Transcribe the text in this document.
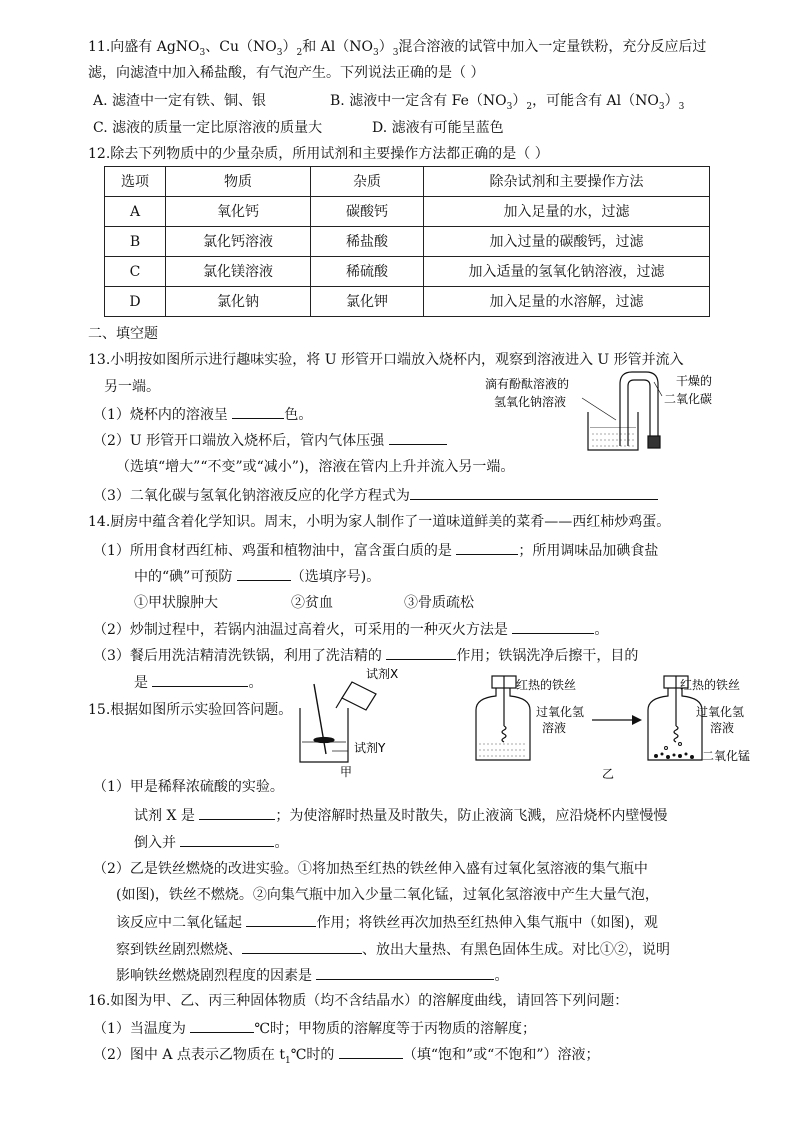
11.向盛有 AgNO$_3$、$Cu(NO_3)_2$和 $Al(NO_3)_3$混合溶液的试管中加入一定量铁粉，充分反应后过
滤，向滤渣中加入稀盐酸，有气泡产生。下列说法正确的是（ ）
A. 滤渣中一定有铁、铜、银	B. 滤液中一定含有 $Fe(NO_3)_2$，可能含有 $Al(NO_3)_3$
C. 滤液的质量一定比原溶液的质量大	D. 滤液有可能呈蓝色
12.除去下列物质中的少量杂质，所用试剂和主要操作方法都正确的是（ ）
选项	物质	杂质	除杂试剂和主要操作方法
A	氧化钙	碳酸钙	加入足量的水，过滤
B	氯化钙溶液	稀盐酸	加入过量的碳酸钙，过滤
C	氯化镁溶液	稀硫酸	加入适量的氢氧化钠溶液，过滤
D	氯化钠	氯化钾	加入足量的水溶解，过滤
二、填空题
13.小明按如图所示进行趣味实验，将 U 形管开口端放入烧杯内，观察到溶液进入 U 形管并流入
另一端。
（1）烧杯内的溶液呈	色。
（2）U 形管开口端放入烧杯后，管内气体压强
（选填“增大”“不变”或“减小”)，溶液在管内上升并流入另一端。
（3）二氧化碳与氢氧化钠溶液反应的化学方程式为
滴有酚酞溶液的
氢氧化钠溶液
干燥的
二氧化碳
14.厨房中蕴含着化学知识。周末，小明为家人制作了一道味道鲜美的菜肴——西红柿炒鸡蛋。
（1）所用食材西红柿、鸡蛋和植物油中，富含蛋白质的是	；所用调味品加碘食盐
中的“碘”可预防	（选填序号)。
①甲状腺肿大	②贫血	③骨质疏松
（2）炒制过程中，若锅内油温过高着火，可采用的一种灭火方法是	。
（3）餐后用洗洁精清洗铁锅，利用了洗洁精的	作用；铁锅洗净后擦干，目的
是	。
15.根据如图所示实验回答问题。
试剂X
试剂Y
甲	乙
红热的铁丝
过氧化氢
溶液
红热的铁丝
过氧化氢
溶液
二氧化锰
（1）甲是稀释浓硫酸的实验。
试剂 X 是	；为使溶解时热量及时散失，防止液滴飞溅，应沿烧杯内壁慢慢
倒入并	。
（2）乙是铁丝燃烧的改进实验。①将加热至红热的铁丝伸入盛有过氧化氢溶液的集气瓶中
(如图)，铁丝不燃烧。②向集气瓶中加入少量二氧化锰，过氧化氢溶液中产生大量气泡，
该反应中二氧化锰起	作用；将铁丝再次加热至红热伸入集气瓶中（如图)，观
察到铁丝剧烈燃烧、	、放出大量热、有黑色固体生成。对比①②，说明
影响铁丝燃烧剧烈程度的因素是	。
16.如图为甲、乙、丙三种固体物质（均不含结晶水）的溶解度曲线，请回答下列问题：
（1）当温度为	℃时；甲物质的溶解度等于丙物质的溶解度；
（2）图中 A 点表示乙物质在 $t_1℃$时的	（填“饱和”或“不饱和”）溶液；
